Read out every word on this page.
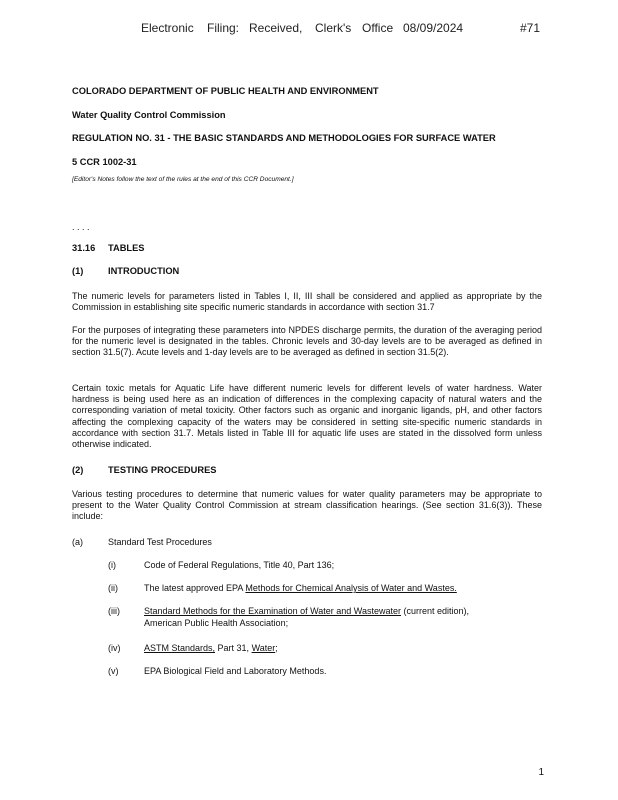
Electronic Filing: Received, Clerk's Office 08/09/2024	#71
COLORADO DEPARTMENT OF PUBLIC HEALTH AND ENVIRONMENT
Water Quality Control Commission
REGULATION NO. 31 - THE BASIC STANDARDS AND METHODOLOGIES FOR SURFACE WATER
5 CCR 1002-31
[Editor's Notes follow the text of the rules at the end of this CCR Document.]
. . . .
31.16 TABLES
(1)	INTRODUCTION
The numeric levels for parameters listed in Tables I, II, III shall be considered and applied as appropriate by the Commission in establishing site specific numeric standards in accordance with section 31.7
For the purposes of integrating these parameters into NPDES discharge permits, the duration of the averaging period for the numeric level is designated in the tables. Chronic levels and 30-day levels are to be averaged as defined in section 31.5(7). Acute levels and 1-day levels are to be averaged as defined in section 31.5(2).
Certain toxic metals for Aquatic Life have different numeric levels for different levels of water hardness. Water hardness is being used here as an indication of differences in the complexing capacity of natural waters and the corresponding variation of metal toxicity. Other factors such as organic and inorganic ligands, pH, and other factors affecting the complexing capacity of the waters may be considered in setting site-specific numeric standards in accordance with section 31.7. Metals listed in Table III for aquatic life uses are stated in the dissolved form unless otherwise indicated.
(2)	TESTING PROCEDURES
Various testing procedures to determine that numeric values for water quality parameters may be appropriate to present to the Water Quality Control Commission at stream classification hearings. (See section 31.6(3)). These include:
(a)	Standard Test Procedures
(i)	Code of Federal Regulations, Title 40, Part 136;
(ii)	The latest approved EPA Methods for Chemical Analysis of Water and Wastes.
(iii)	Standard Methods for the Examination of Water and Wastewater (current edition),
American Public Health Association;
(iv)	ASTM Standards, Part 31, Water;
(v)	EPA Biological Field and Laboratory Methods.
1
